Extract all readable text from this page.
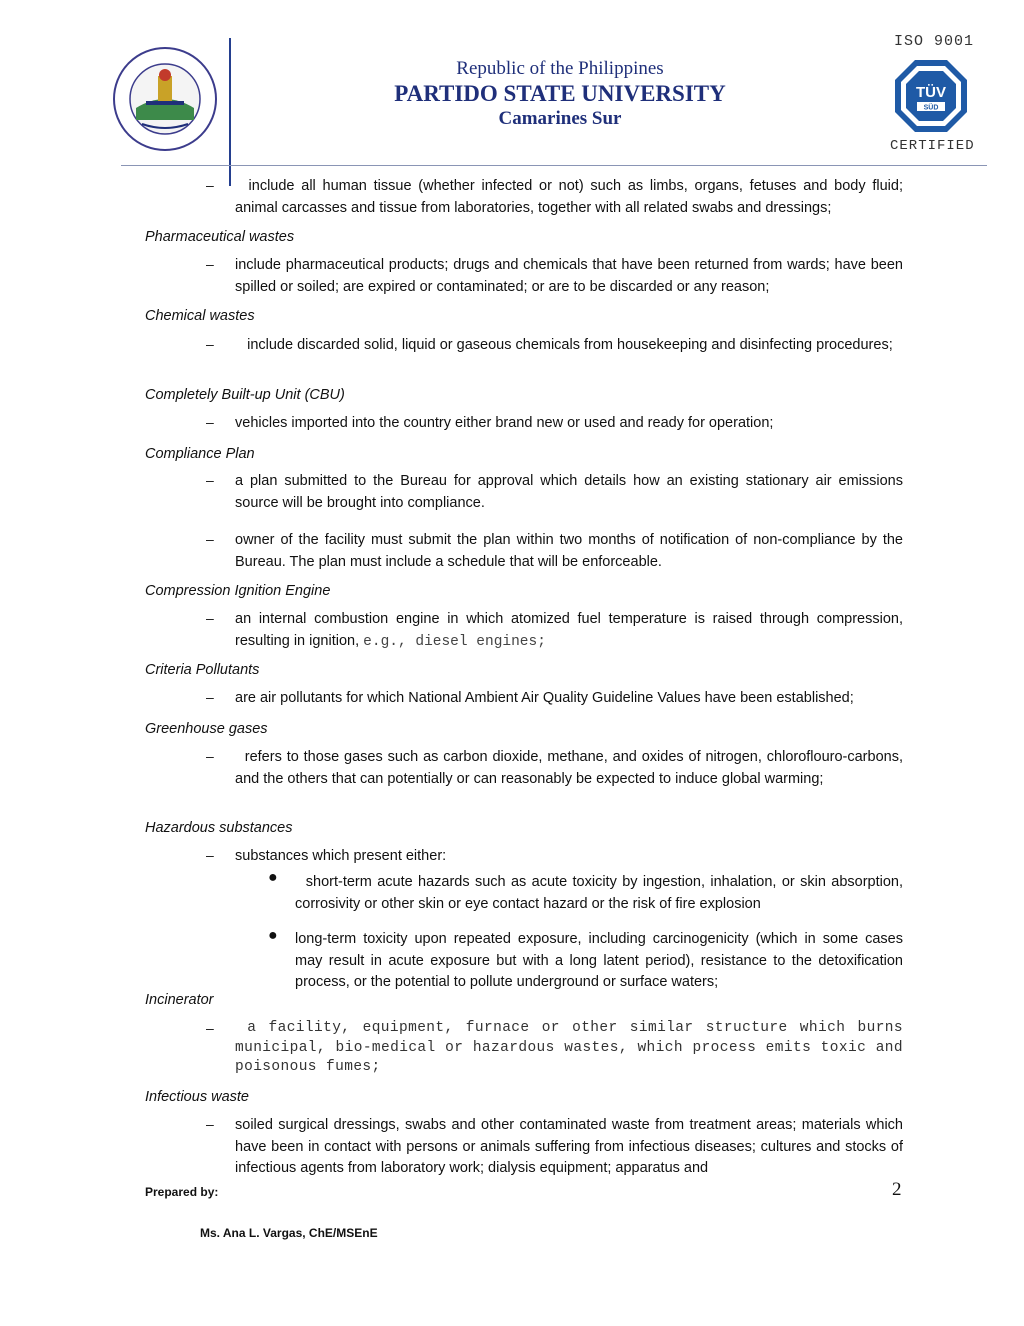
Republic of the Philippines
PARTIDO STATE UNIVERSITY
Camarines Sur
ISO 9001
TÜV
SÜD
CERTIFIED
–	include all human tissue (whether infected or not) such as limbs, organs, fetuses and body fluid; animal carcasses and tissue from laboratories, together with all related swabs and dressings;
Pharmaceutical wastes
– include pharmaceutical products; drugs and chemicals that have been returned from wards; have been spilled or soiled; are expired or contaminated; or are to be discarded or any reason;
Chemical wastes
–	include discarded solid, liquid or gaseous chemicals from housekeeping and disinfecting procedures;
Completely Built-up Unit (CBU)
– vehicles imported into the country either brand new or used and ready for operation;
Compliance Plan
– a plan submitted to the Bureau for approval which details how an existing stationary air emissions source will be brought into compliance.
– owner of the facility must submit the plan within two months of notification of non-compliance by the Bureau. The plan must include a schedule that will be enforceable.
Compression Ignition Engine
– an internal combustion engine in which atomized fuel temperature is raised through compression, resulting in ignition, e.g., diesel engines;
Criteria Pollutants
– are air pollutants for which National Ambient Air Quality Guideline Values have been established;
Greenhouse gases
–	refers to those gases such as carbon dioxide, methane, and oxides of nitrogen, chloroflouro-carbons, and the others that can potentially or can reasonably be expected to induce global warming;
Hazardous substances
– substances which present either:
●	short-term acute hazards such as acute toxicity by ingestion, inhalation, or skin absorption, corrosivity or other skin or eye contact hazard or the risk of fire explosion
● long-term toxicity upon repeated exposure, including carcinogenicity (which in some cases may result in acute exposure but with a long latent period), resistance to the detoxification process, or the potential to pollute underground or surface waters;
Incinerator
–	a facility, equipment, furnace or other similar structure which burns municipal, bio-medical or hazardous wastes, which process emits toxic and poisonous fumes;
Infectious waste
– soiled surgical dressings, swabs and other contaminated waste from treatment areas; materials which have been in contact with persons or animals suffering from infectious diseases; cultures and stocks of infectious agents from laboratory work; dialysis equipment; apparatus and
Prepared by:
Ms. Ana L. Vargas, ChE/MSEnE
2
